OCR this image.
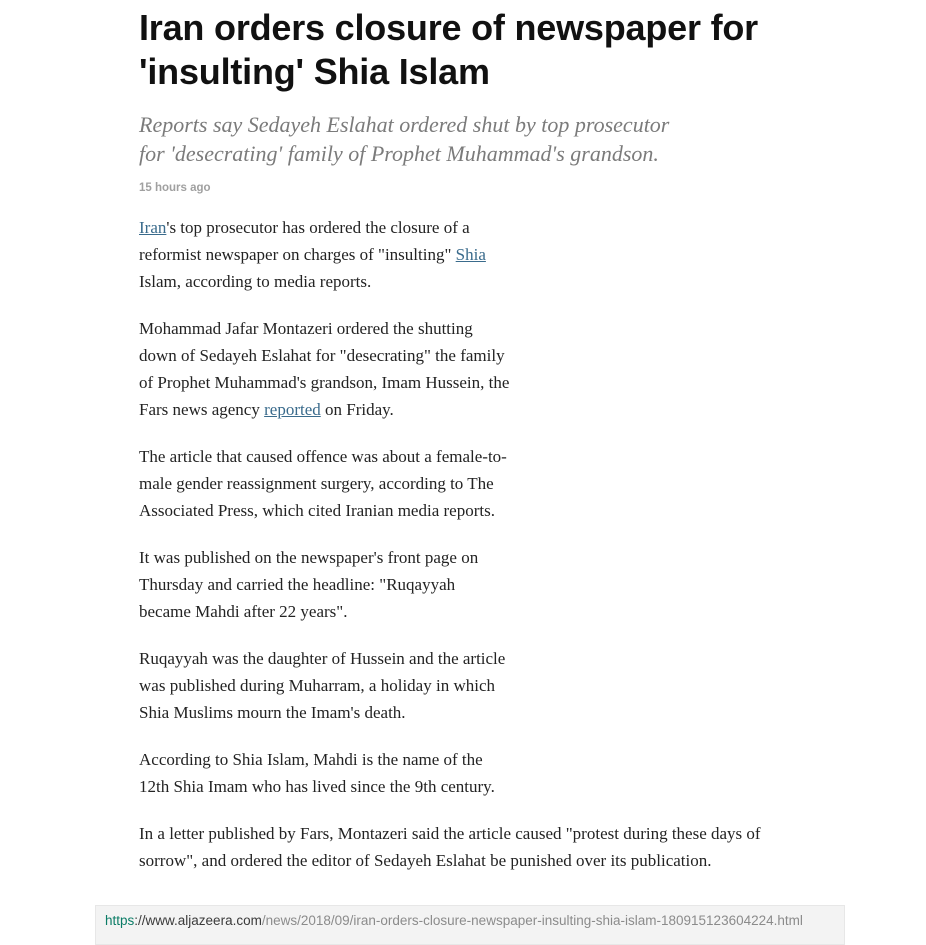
Iran orders closure of newspaper for 'insulting' Shia Islam

Reports say Sedayeh Eslahat ordered shut by top prosecutor for 'desecrating' family of Prophet Muhammad's grandson.

15 hours ago

Iran's top prosecutor has ordered the closure of a reformist newspaper on charges of "insulting" Shia Islam, according to media reports.

Mohammad Jafar Montazeri ordered the shutting down of Sedayeh Eslahat for "desecrating" the family of Prophet Muhammad's grandson, Imam Hussein, the Fars news agency reported on Friday.

The article that caused offence was about a female-to-male gender reassignment surgery, according to The Associated Press, which cited Iranian media reports.

It was published on the newspaper's front page on Thursday and carried the headline: "Ruqayyah became Mahdi after 22 years".

Ruqayyah was the daughter of Hussein and the article was published during Muharram, a holiday in which Shia Muslims mourn the Imam's death.

According to Shia Islam, Mahdi is the name of the 12th Shia Imam who has lived since the 9th century.

In a letter published by Fars, Montazeri said the article caused "protest during these days of sorrow", and ordered the editor of Sedayeh Eslahat be punished over its publication.

https://www.aljazeera.com/news/2018/09/iran-orders-closure-newspaper-insulting-shia-islam-180915123604224.html
